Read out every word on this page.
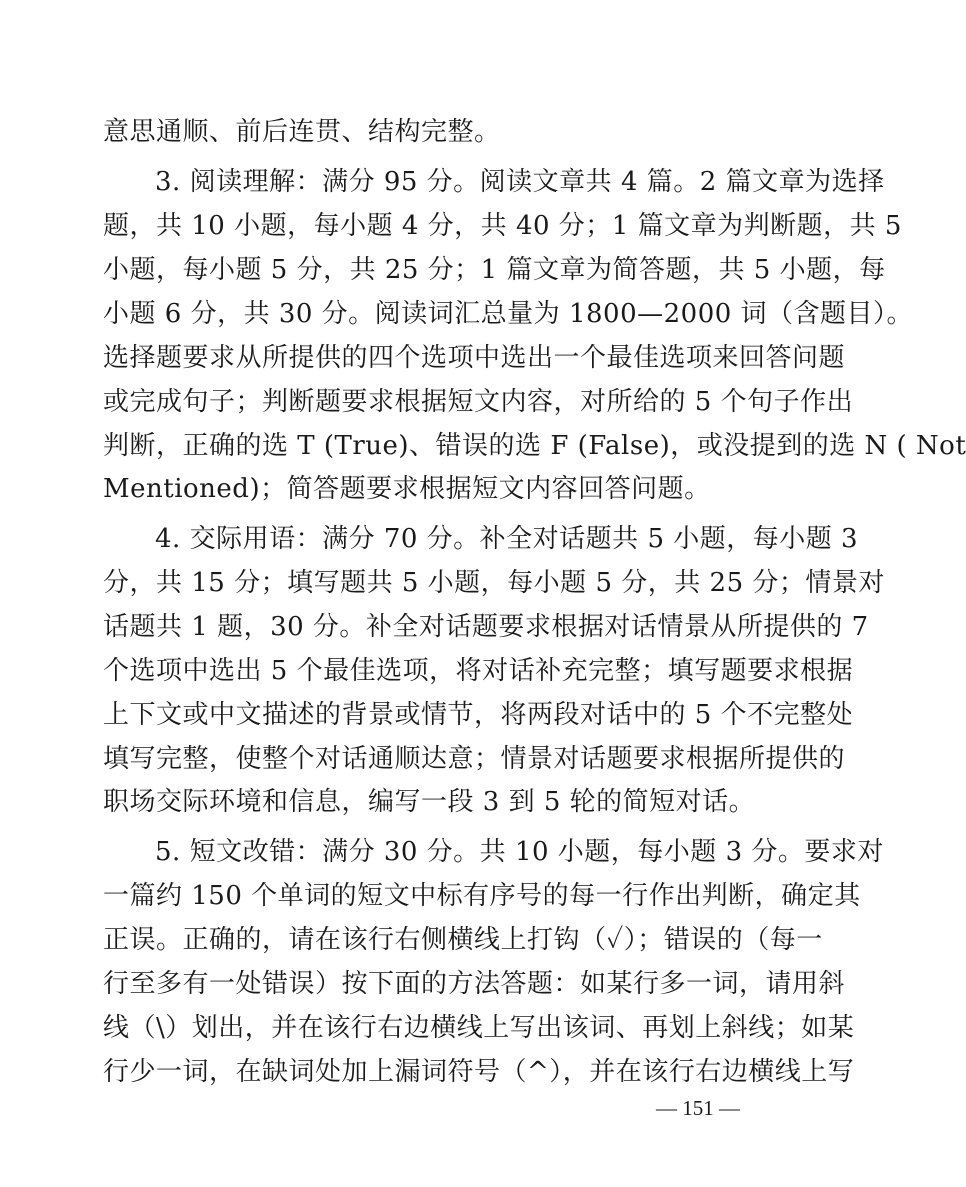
意思通顺、前后连贯、结构完整。
3. 阅读理解：满分 95 分。阅读文章共 4 篇。2 篇文章为选择
题，共 10 小题，每小题 4 分，共 40 分；1 篇文章为判断题，共 5
小题，每小题 5 分，共 25 分；1 篇文章为简答题，共 5 小题，每
小题 6 分，共 30 分。阅读词汇总量为 1800—2000 词（含题目）。
选择题要求从所提供的四个选项中选出一个最佳选项来回答问题
或完成句子；判断题要求根据短文内容，对所给的 5 个句子作出
判断，正确的选 T (True)、错误的选 F (False)，或没提到的选 N ( Not
Mentioned)；简答题要求根据短文内容回答问题。
4. 交际用语：满分 70 分。补全对话题共 5 小题，每小题 3
分，共 15 分；填写题共 5 小题，每小题 5 分，共 25 分；情景对
话题共 1 题，30 分。补全对话题要求根据对话情景从所提供的 7
个选项中选出 5 个最佳选项，将对话补充完整；填写题要求根据
上下文或中文描述的背景或情节，将两段对话中的 5 个不完整处
填写完整，使整个对话通顺达意；情景对话题要求根据所提供的
职场交际环境和信息，编写一段 3 到 5 轮的简短对话。
5. 短文改错：满分 30 分。共 10 小题，每小题 3 分。要求对
一篇约 150 个单词的短文中标有序号的每一行作出判断，确定其
正误。正确的，请在该行右侧横线上打钩（✓）；错误的（每一
行至多有一处错误）按下面的方法答题：如某行多一词，请用斜
线（\）划出，并在该行右边横线上写出该词、再划上斜线；如某
行少一词，在缺词处加上漏词符号（^），并在该行右边横线上写
— 151 —
